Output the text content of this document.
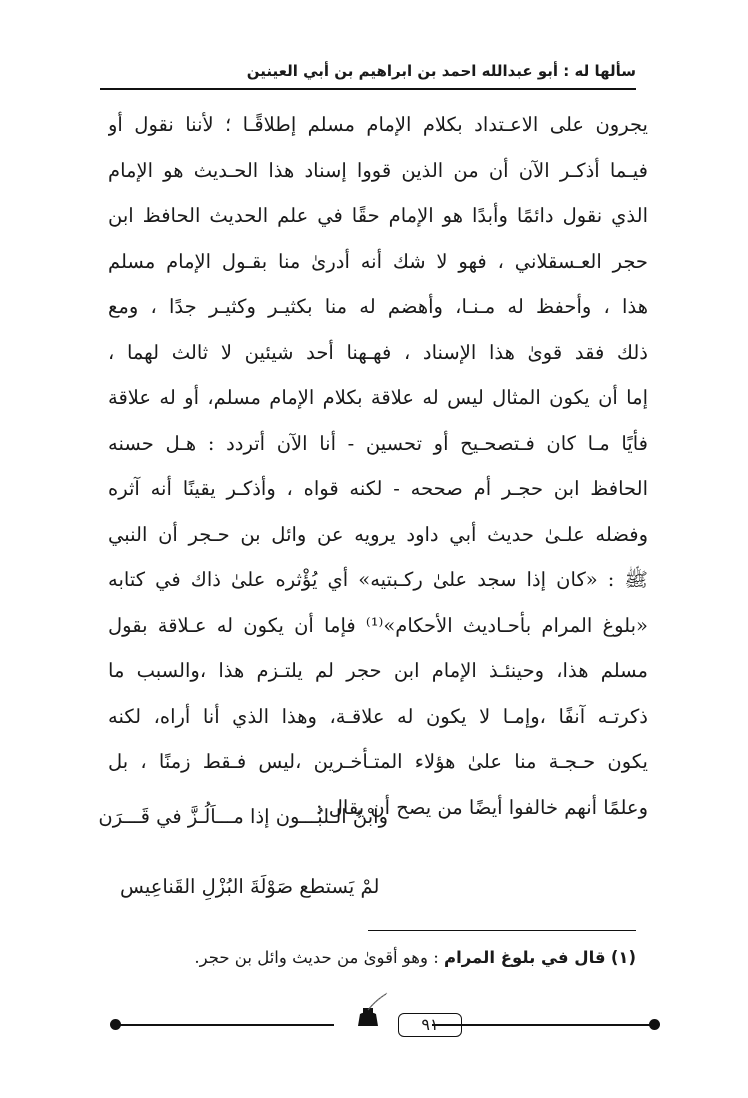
سألها له : أبو عبدالله احمد بن ابراهيم بن أبي العينين
يجرون على الاعـتداد بكلام الإمام مسلم إطلاقًـا ؛ لأننا نقول أو
فيـما أذكـر الآن أن من الذين قووا إسناد هذا الحـديث هو الإمام
الذي نقول دائمًا وأبدًا هو الإمام حقًا في علم الحديث الحافظ ابن
حجر العـسقلاني ، فهو لا شك أنه أدرىٰ منا بقـول الإمام مسلم
هذا ، وأحفظ له مـنـا، وأهضم له منا بكثيـر وكثيـر جدًا ، ومع
ذلك فقد قوىٰ هذا الإسناد ، فهـهنا أحد شيئين لا ثالث لهما ،
إما أن يكون المثال ليس له علاقة بكلام الإمام مسلم، أو له علاقة
فأيًا مـا كان فـتصحـيح أو تحسين - أنا الآن أتردد : هـل حسنه
الحافظ ابن حجـر أم صححه - لكنه قواه ، وأذكـر يقينًا أنه آثره
وفضله علـىٰ حديث أبي داود يرويه عن وائل بن حـجر أن النبي
ﷺ : «كان إذا سجد علىٰ ركـبتيه» أي يُؤْثره علىٰ ذاك في كتابه
«بلوغ المرام بأحـاديث الأحكام»⁽¹⁾ فإما أن يكون له عـلاقة بقول
مسلم هذا، وحينئـذ الإمام ابن حجر لم يلتـزم هذا ،والسبب ما
ذكرتـه آنفًا ،وإمـا لا يكون له علاقـة، وهذا الذي أنا أراه، لكنه
يكون حـجـة منا علىٰ هؤلاء المتـأخـرين ،ليس فـقط زمنًا ، بل
وعلمًا أنهم خالفوا أيضًا من يصح أن يقال :
وابْنُ الـلبُـــون إذا مـــاَلُـزَّ في قَـــرَن
لمْ يَستطع صَوْلَةَ البُزْلِ القَناعِيس
(١) قال في بلوغ المرام : وهو أقوىٰ من حديث وائل بن حجر.
٩١
